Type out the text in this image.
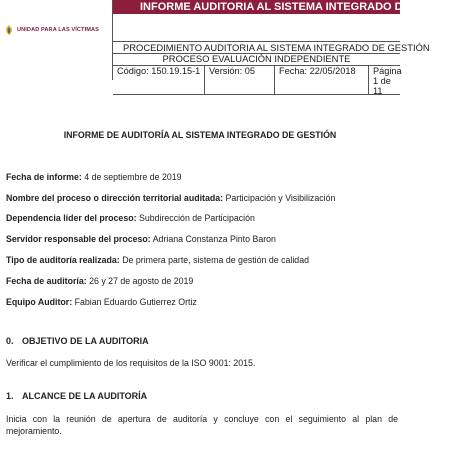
UNIDAD PARA LAS VÍCTIMAS
INFORME AUDITORIA AL SISTEMA INTEGRADO DE GESTIÓN
PROCEDIMIENTO AUDITORIA AL SISTEMA INTEGRADO DE GESTIÓN
PROCESO EVALUACIÓN INDEPENDIENTE
Código: 150.19.15-1 Versión: 05	Fecha: 22/05/2018	Página 1 de
11
INFORME DE AUDITORÍA AL SISTEMA INTEGRADO DE GESTIÓN
Fecha de informe: 4 de septiembre de 2019
Nombre del proceso o dirección territorial auditada: Participación y Visibilización
Dependencia líder del proceso: Subdirección de Participación
Servidor responsable del proceso: Adriana Constanza Pinto Baron
Tipo de auditoría realizada: De primera parte, sistema de gestión de calidad
Fecha de auditoría: 26 y 27 de agosto de 2019
Equipo Auditor: Fabian Eduardo Gutierrez Ortiz
0. OBJETIVO DE LA AUDITORIA
Verificar el cumplimiento de los requisitos de la ISO 9001: 2015.
1. ALCANCE DE LA AUDITORÍA
Inicia con la reunión de apertura de auditoría y concluye con el seguimiento al plan de mejoramiento.
